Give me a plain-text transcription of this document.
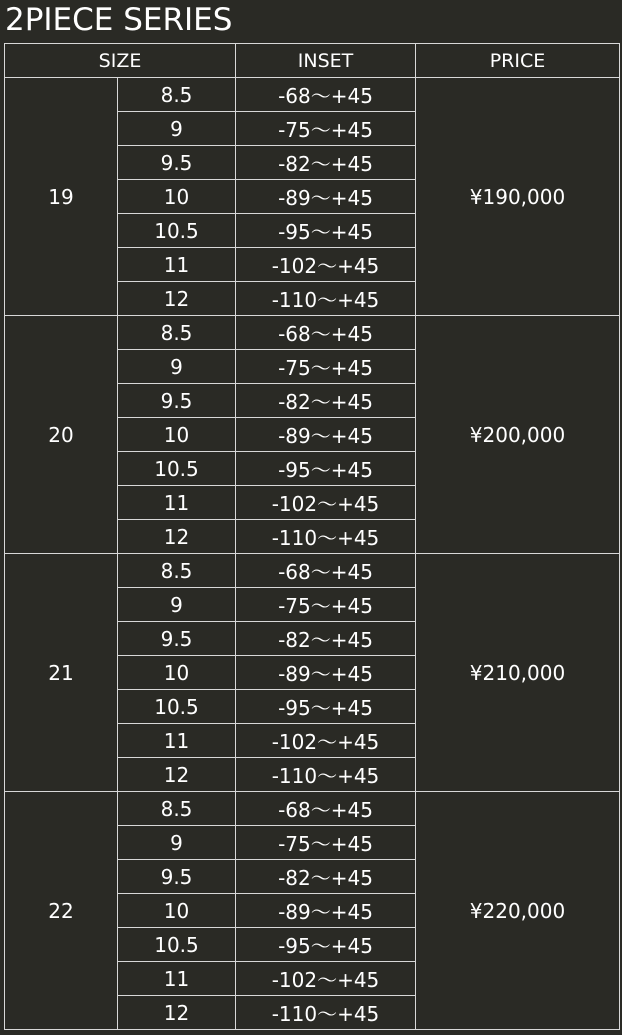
2PIECE SERIES
SIZE		INSET	PRICE
19	8.5	-68～+45	¥190,000
	9	-75～+45	
	9.5	-82～+45	
	10	-89～+45	
	10.5	-95～+45	
	11	-102～+45	
	12	-110～+45	
20	8.5	-68～+45	¥200,000
	9	-75～+45	
	9.5	-82～+45	
	10	-89～+45	
	10.5	-95～+45	
	11	-102～+45	
	12	-110～+45	
21	8.5	-68～+45	¥210,000
	9	-75～+45	
	9.5	-82～+45	
	10	-89～+45	
	10.5	-95～+45	
	11	-102～+45	
	12	-110～+45	
22	8.5	-68～+45	¥220,000
	9	-75～+45	
	9.5	-82～+45	
	10	-89～+45	
	10.5	-95～+45	
	11	-102～+45	
	12	-110～+45	
